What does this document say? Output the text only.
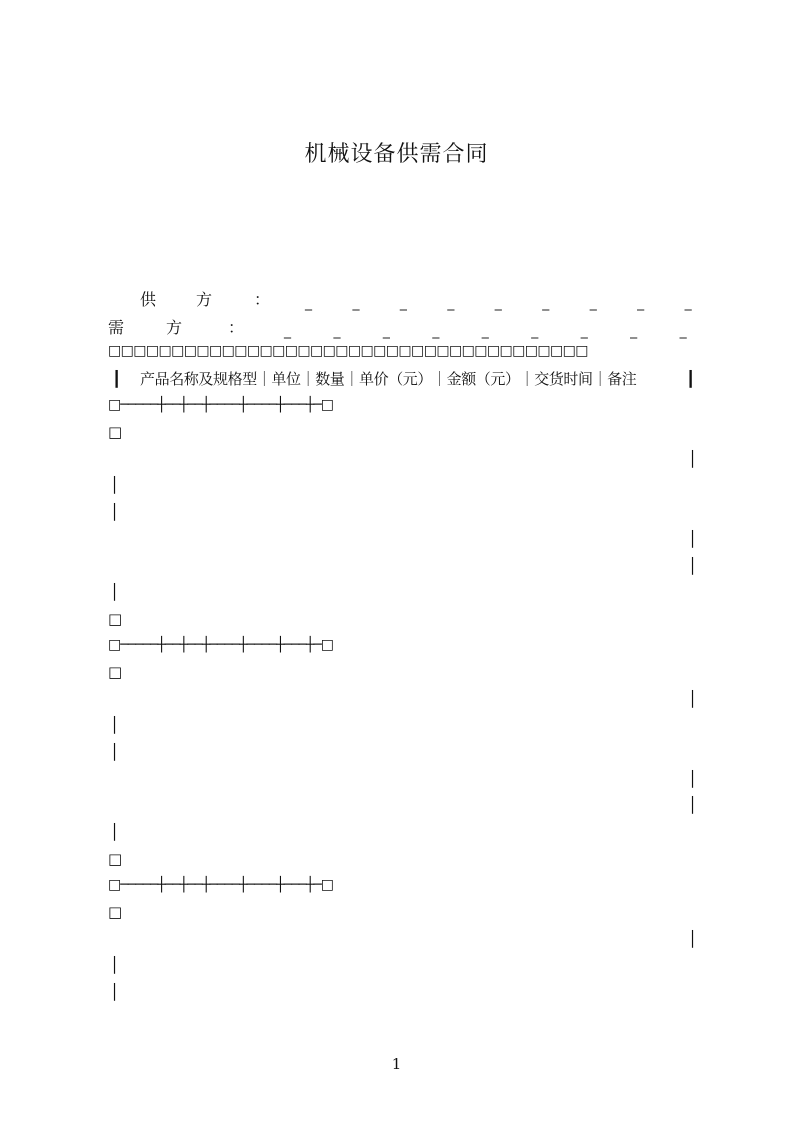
机械设备供需合同
供 方	： _ _ _ _ _ _ _ _ _
需	方	：	_ _ _ _ _ _ _ _ _
□□□□□□□□□□□□□□□□□□□□□□□□□□□□□□□□□□□□□□
┃ 产品名称及规格型｜单位｜数量｜单价（元）｜金额（元）｜交货时间｜备注	┃
□─────┼──┼──┼────┼────┼───┼─□
□
│
│
│
│
│
│
□
□─────┼──┼──┼────┼────┼───┼─□
□
│
│
│
│
│
│
□
□─────┼──┼──┼────┼────┼───┼─□
□
│
│
│
1
